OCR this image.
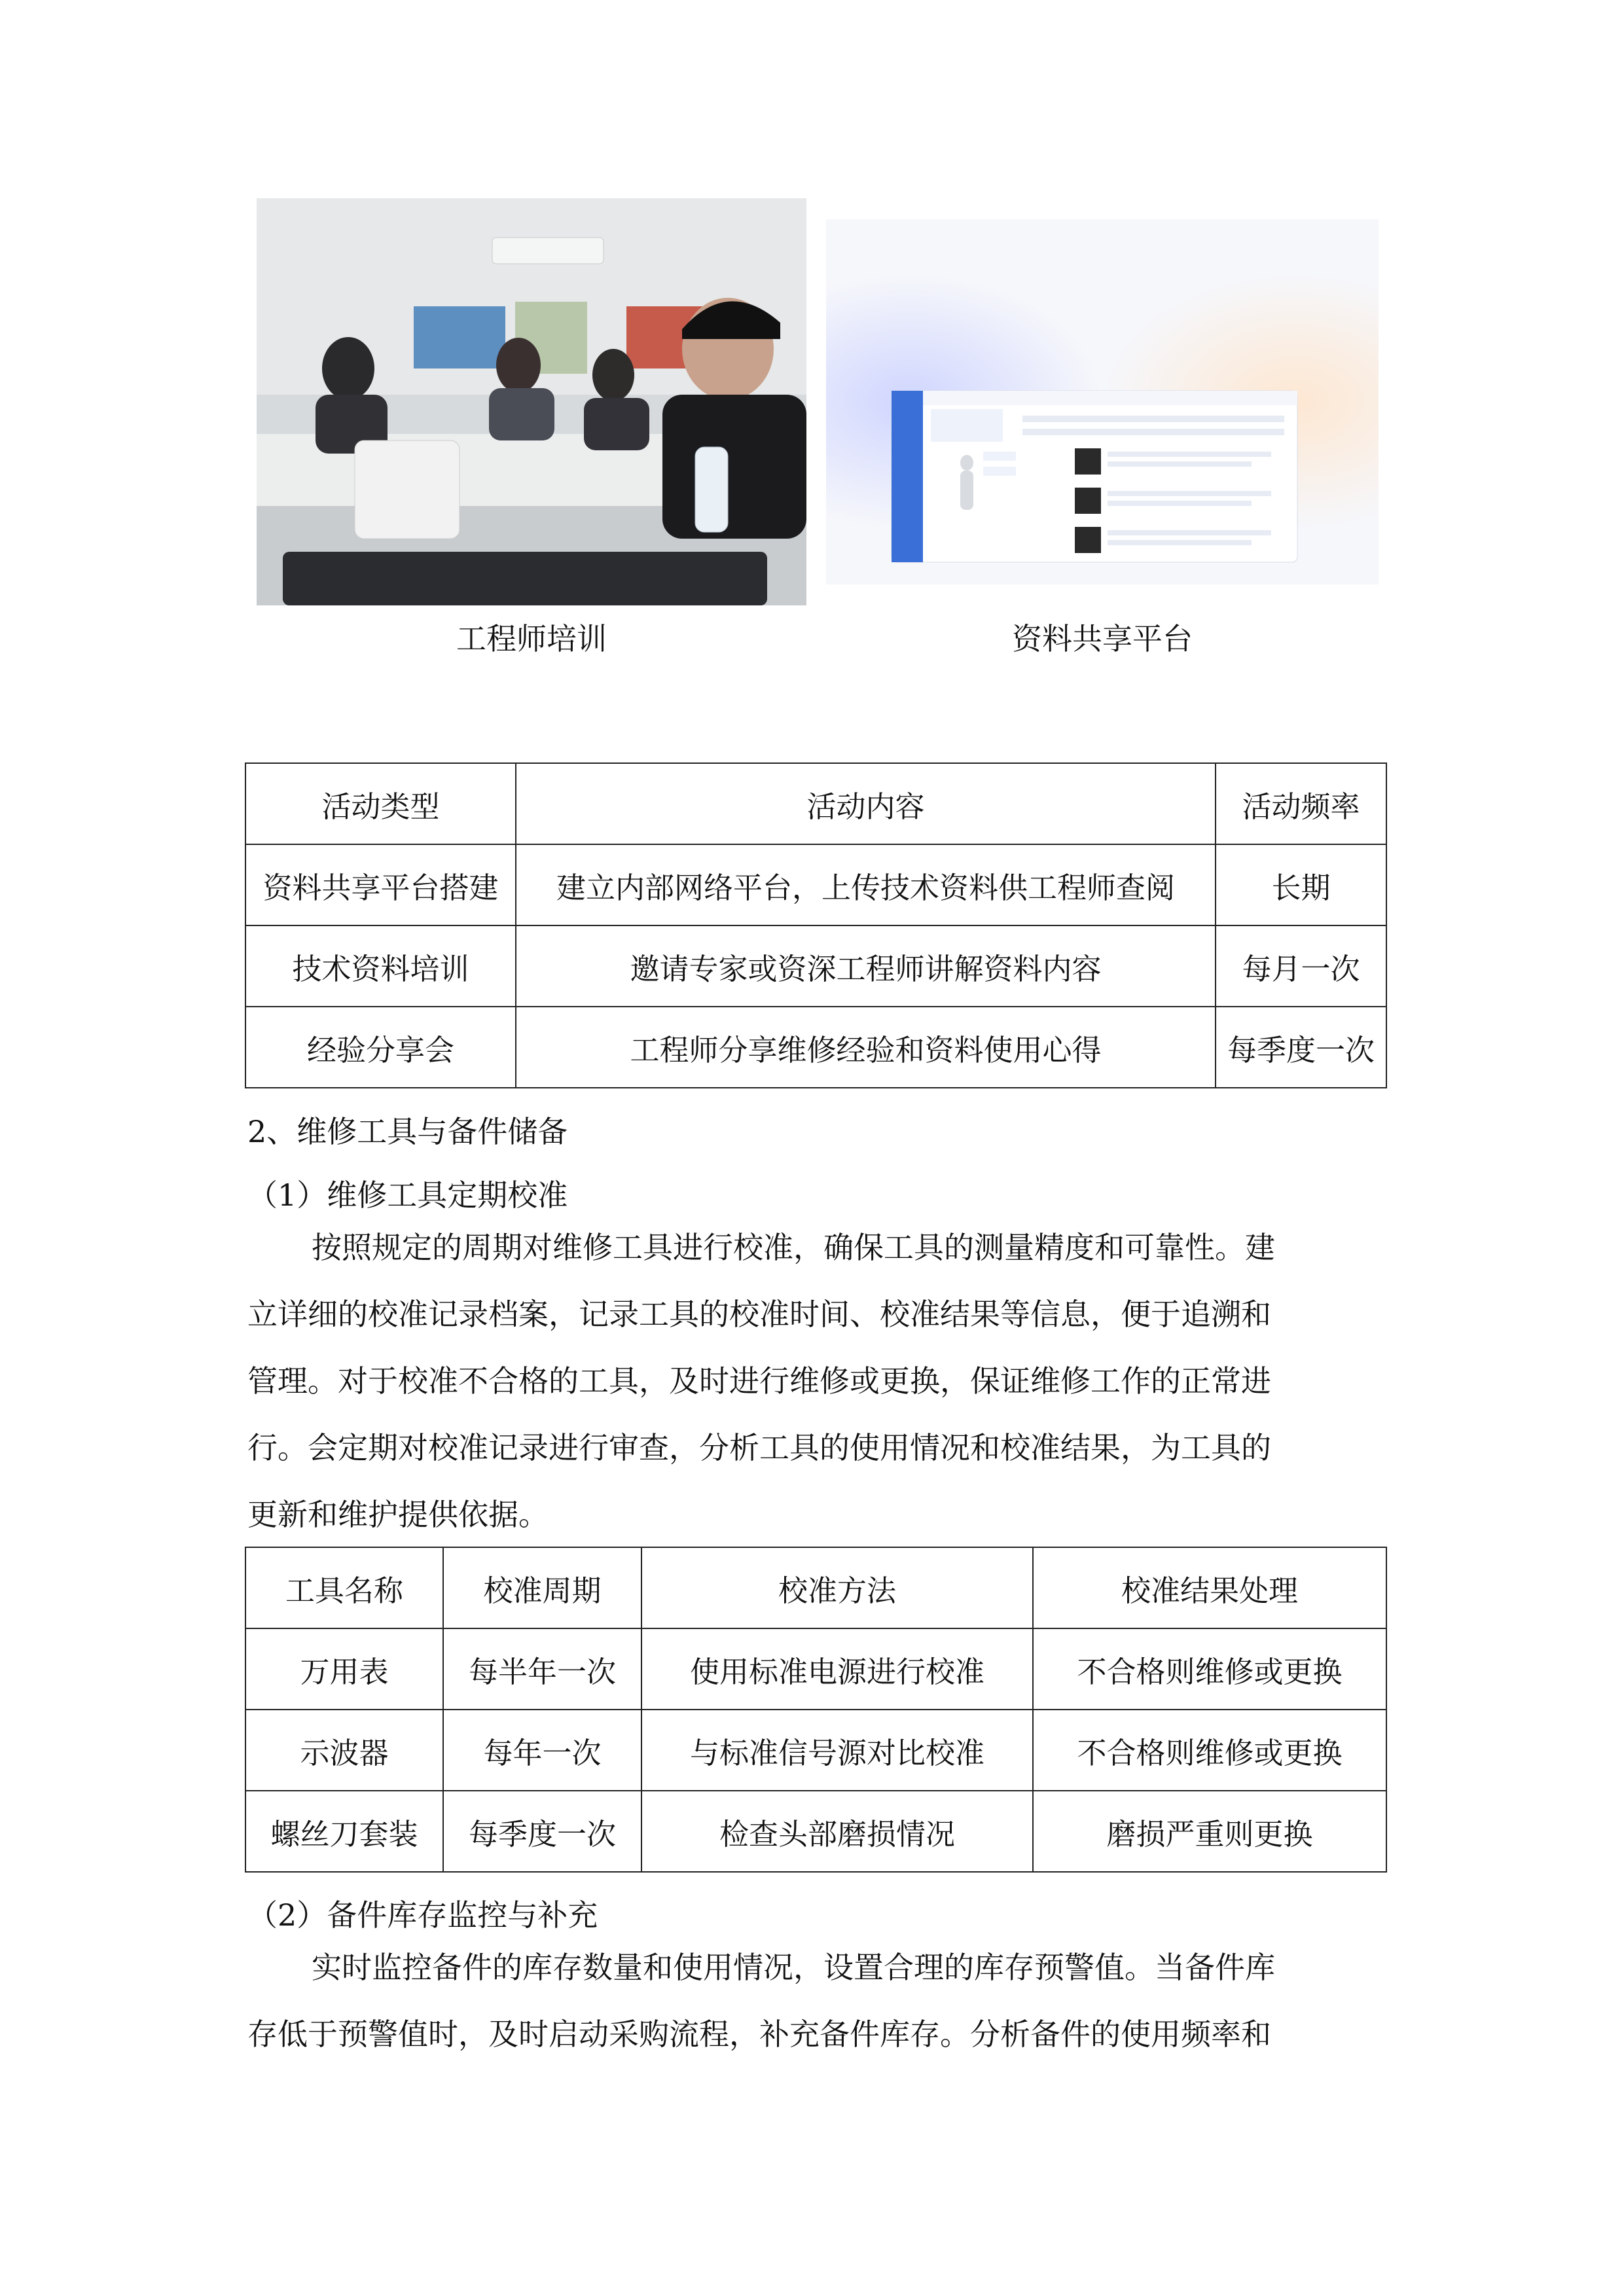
工程师培训	资料共享平台
活动类型	活动内容	活动频率
资料共享平台搭建	建立内部网络平台，上传技术资料供工程师查阅	长期
技术资料培训	邀请专家或资深工程师讲解资料内容	每月一次
经验分享会	工程师分享维修经验和资料使用心得	每季度一次
2、维修工具与备件储备
（1）维修工具定期校准

按照规定的周期对维修工具进行校准，确保工具的测量精度和可靠性。建

立详细的校准记录档案，记录工具的校准时间、校准结果等信息，便于追溯和

管理。对于校准不合格的工具，及时进行维修或更换，保证维修工作的正常进

行。会定期对校准记录进行审查，分析工具的使用情况和校准结果，为工具的

更新和维护提供依据。

工具名称	校准周期	校准方法	校准结果处理
万用表	每半年一次	使用标准电源进行校准	不合格则维修或更换
示波器	每年一次	与标准信号源对比校准	不合格则维修或更换
螺丝刀套装	每季度一次	检查头部磨损情况	磨损严重则更换
（2）备件库存监控与补充

实时监控备件的库存数量和使用情况，设置合理的库存预警值。当备件库

存低于预警值时，及时启动采购流程，补充备件库存。分析备件的使用频率和
